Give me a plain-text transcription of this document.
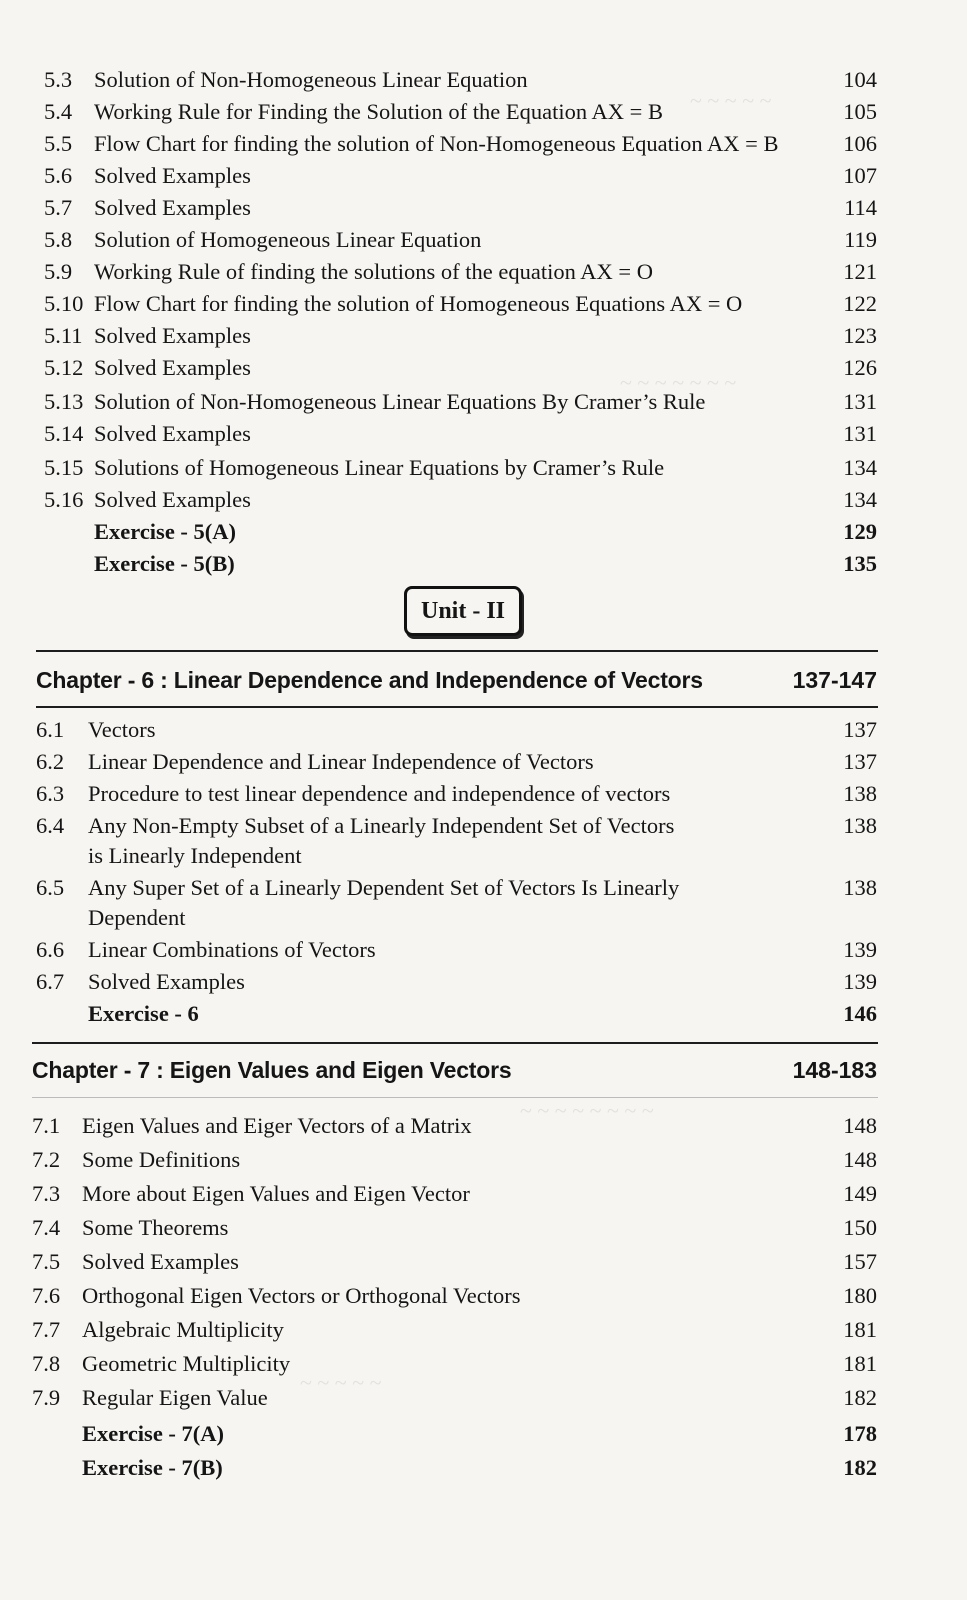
~ ~ ~ ~ ~
~ ~ ~ ~ ~ ~ ~
~ ~ ~ ~ ~ ~ ~ ~
~ ~ ~ ~ ~
5.3 Solution of Non-Homogeneous Linear Equation	104
5.4 Working Rule for Finding the Solution of the Equation AX = B	105
5.5 Flow Chart for finding the solution of Non-Homogeneous Equation AX = B	106
5.6 Solved Examples	107
5.7 Solved Examples	114
5.8 Solution of Homogeneous Linear Equation	119
5.9 Working Rule of finding the solutions of the equation AX = O	121
5.10 Flow Chart for finding the solution of Homogeneous Equations AX = O	122
5.11 Solved Examples	123
5.12 Solved Examples	126
5.13 Solution of Non-Homogeneous Linear Equations By Cramer’s Rule	131
5.14 Solved Examples	131
5.15 Solutions of Homogeneous Linear Equations by Cramer’s Rule	134
5.16 Solved Examples	134
Exercise - 5(A)	129
Exercise - 5(B)	135
Unit - II
Chapter - 6 : Linear Dependence and Independence of Vectors	137-147
6.1 Vectors	137
6.2 Linear Dependence and Linear Independence of Vectors	137
6.3 Procedure to test linear dependence and independence of vectors	138
6.4 Any Non-Empty Subset of a Linearly Independent Set of Vectors	138
is Linearly Independent
6.5 Any Super Set of a Linearly Dependent Set of Vectors Is Linearly	138
Dependent
6.6 Linear Combinations of Vectors	139
6.7 Solved Examples	139
Exercise - 6	146
Chapter - 7 : Eigen Values and Eigen Vectors	148-183
7.1 Eigen Values and Eiger Vectors of a Matrix	148
7.2 Some Definitions	148
7.3 More about Eigen Values and Eigen Vector	149
7.4 Some Theorems	150
7.5 Solved Examples	157
7.6 Orthogonal Eigen Vectors or Orthogonal Vectors	180
7.7 Algebraic Multiplicity	181
7.8 Geometric Multiplicity	181
7.9 Regular Eigen Value	182
Exercise - 7(A)	178
Exercise - 7(B)	182
